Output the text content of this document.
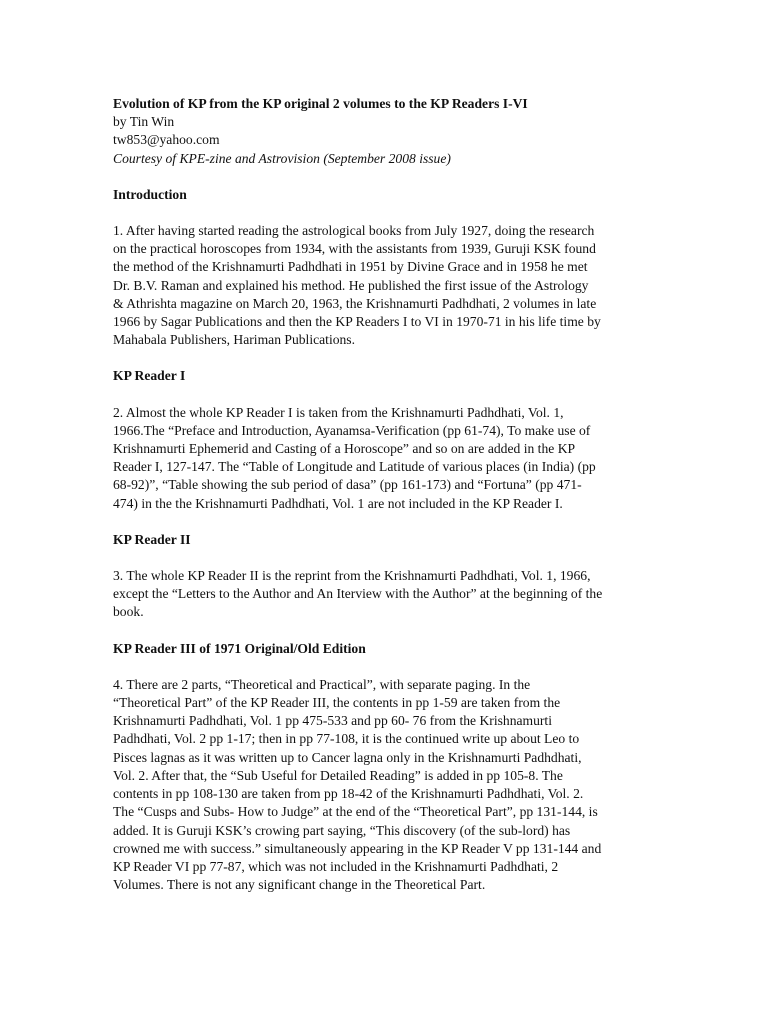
Evolution of KP from the KP original 2 volumes to the KP Readers I-VI
by Tin Win
tw853@yahoo.com
Courtesy of KPE-zine and Astrovision (September 2008 issue)
Introduction
1. After having started reading the astrological books from July 1927, doing the research
on the practical horoscopes from 1934, with the assistants from 1939, Guruji KSK found
the method of the Krishnamurti Padhdhati in 1951 by Divine Grace and in 1958 he met
Dr. B.V. Raman and explained his method. He published the first issue of the Astrology
& Athrishta magazine on March 20, 1963, the Krishnamurti Padhdhati, 2 volumes in late
1966 by Sagar Publications and then the KP Readers I to VI in 1970-71 in his life time by
Mahabala Publishers, Hariman Publications.
KP Reader I
2. Almost the whole KP Reader I is taken from the Krishnamurti Padhdhati, Vol. 1,
1966.The “Preface and Introduction, Ayanamsa-Verification (pp 61-74), To make use of
Krishnamurti Ephemerid and Casting of a Horoscope” and so on are added in the KP
Reader I, 127-147. The “Table of Longitude and Latitude of various places (in India) (pp
68-92)”, “Table showing the sub period of dasa” (pp 161-173) and “Fortuna” (pp 471-
474) in the the Krishnamurti Padhdhati, Vol. 1 are not included in the KP Reader I.
KP Reader II
3. The whole KP Reader II is the reprint from the Krishnamurti Padhdhati, Vol. 1, 1966,
except the “Letters to the Author and An Iterview with the Author” at the beginning of the
book.
KP Reader III of 1971 Original/Old Edition
4. There are 2 parts, “Theoretical and Practical”, with separate paging. In the
“Theoretical Part” of the KP Reader III, the contents in pp 1-59 are taken from the
Krishnamurti Padhdhati, Vol. 1 pp 475-533 and pp 60- 76 from the Krishnamurti
Padhdhati, Vol. 2 pp 1-17; then in pp 77-108, it is the continued write up about Leo to
Pisces lagnas as it was written up to Cancer lagna only in the Krishnamurti Padhdhati,
Vol. 2. After that, the “Sub Useful for Detailed Reading” is added in pp 105-8. The
contents in pp 108-130 are taken from pp 18-42 of the Krishnamurti Padhdhati, Vol. 2.
The “Cusps and Subs- How to Judge” at the end of the “Theoretical Part”, pp 131-144, is
added. It is Guruji KSK’s crowing part saying, “This discovery (of the sub-lord) has
crowned me with success.” simultaneously appearing in the KP Reader V pp 131-144 and
KP Reader VI pp 77-87, which was not included in the Krishnamurti Padhdhati, 2
Volumes. There is not any significant change in the Theoretical Part.
